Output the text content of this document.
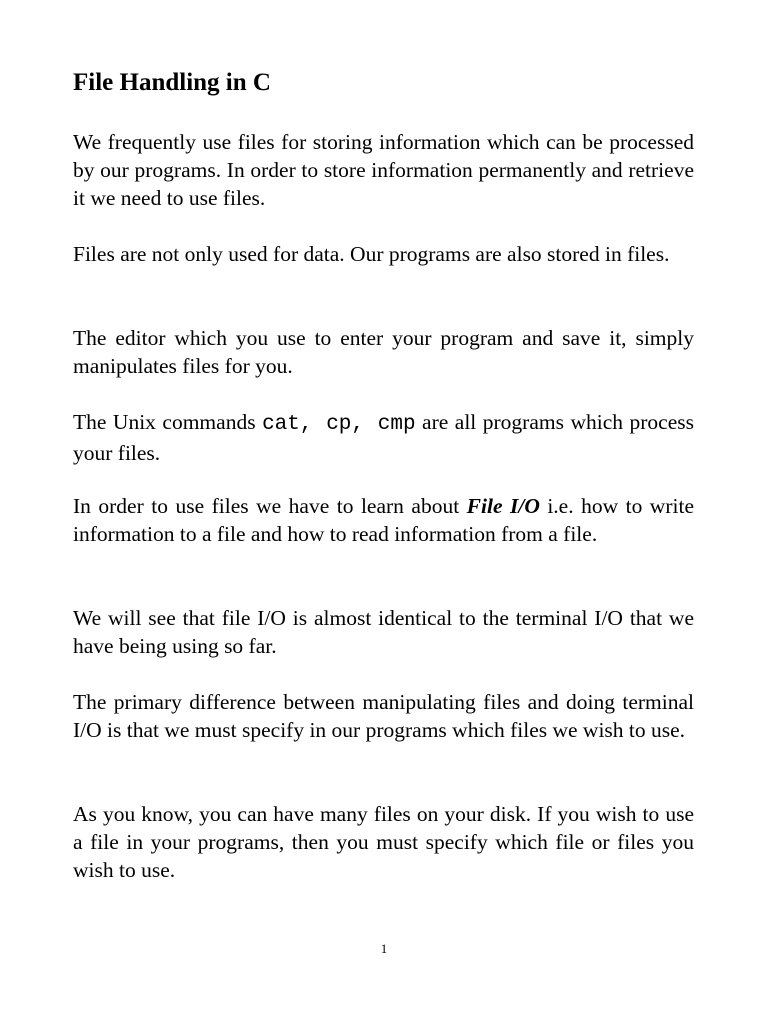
File Handling in C

We frequently use files for storing information which can be processed by our programs. In order to store information permanently and retrieve it we need to use files.

Files are not only used for data. Our programs are also stored in files.

The editor which you use to enter your program and save it, simply manipulates files for you.

The Unix commands cat, cp, cmp are all programs which process your files.

In order to use files we have to learn about File I/O i.e. how to write information to a file and how to read information from a file.

We will see that file I/O is almost identical to the terminal I/O that we have being using so far.

The primary difference between manipulating files and doing terminal I/O is that we must specify in our programs which files we wish to use.

As you know, you can have many files on your disk. If you wish to use a file in your programs, then you must specify which file or files you wish to use.

1
